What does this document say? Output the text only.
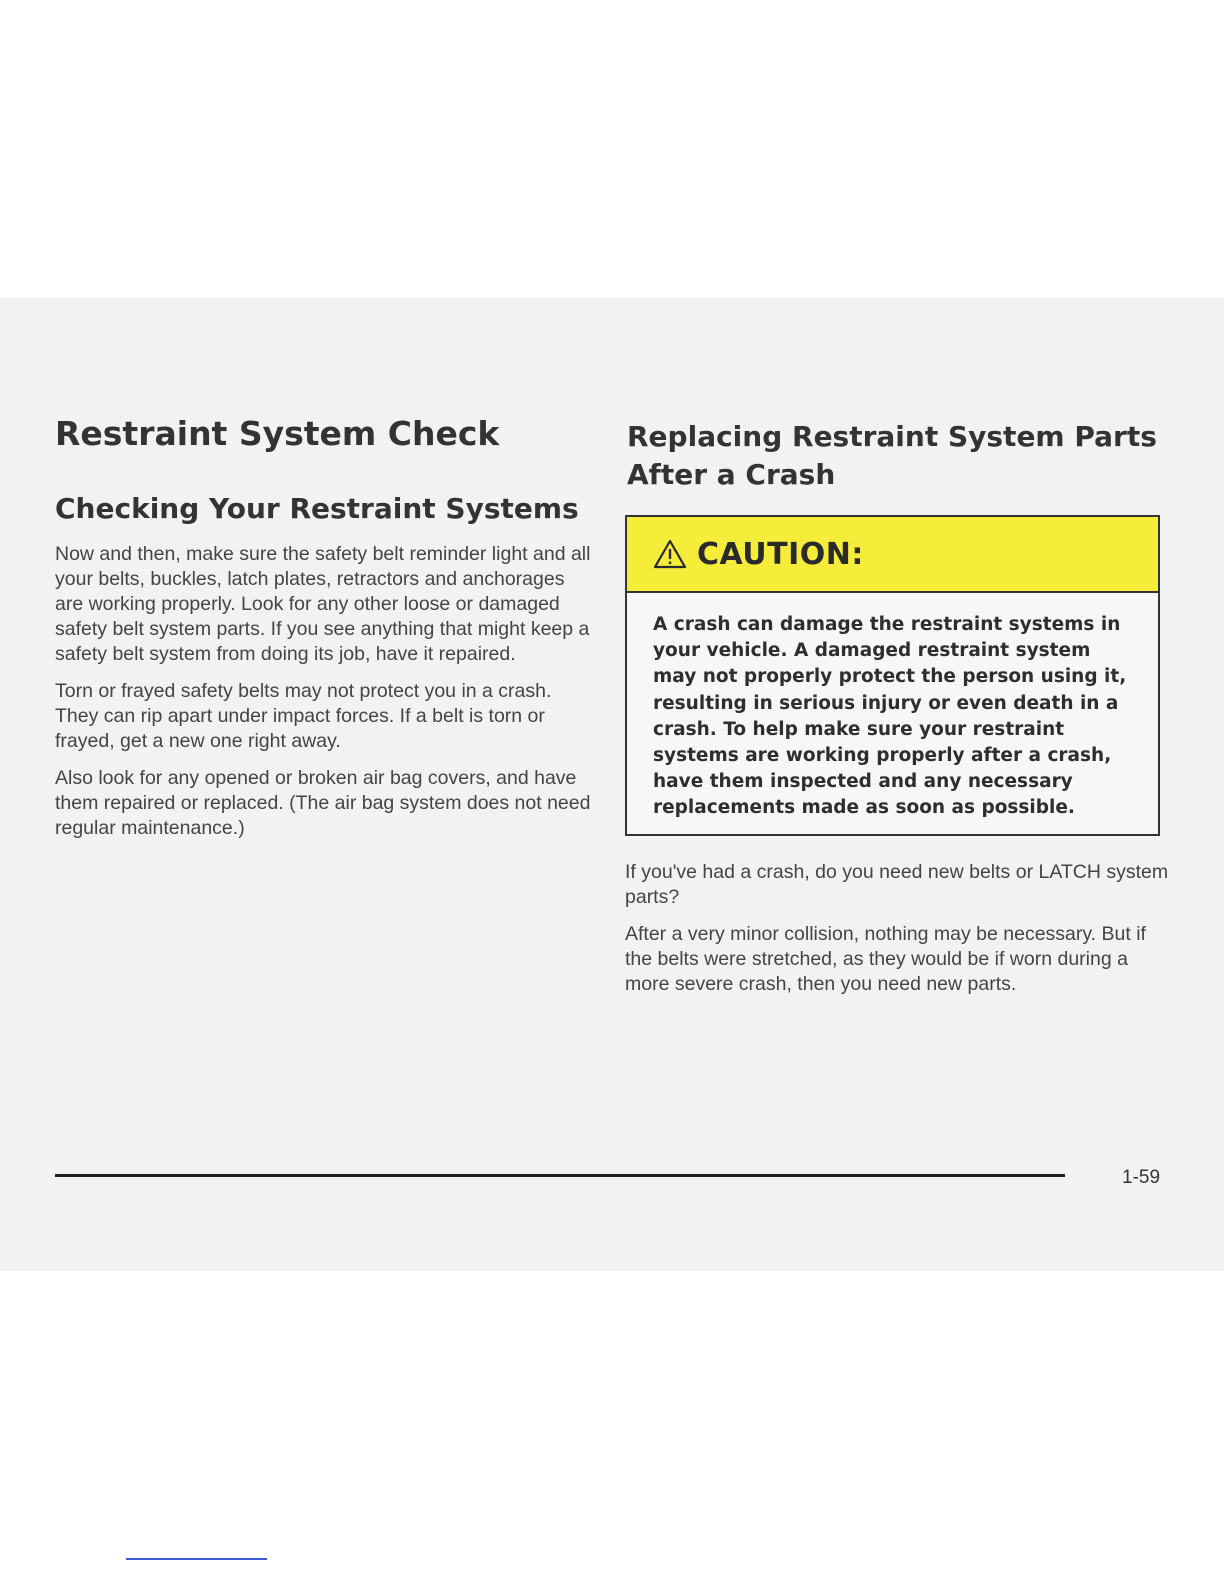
Restraint System Check
Checking Your Restraint Systems

Now and then, make sure the safety belt reminder light and all your belts, buckles, latch plates, retractors and anchorages are working properly. Look for any other loose or damaged safety belt system parts. If you see anything that might keep a safety belt system from doing its job, have it repaired.

Torn or frayed safety belts may not protect you in a crash. They can rip apart under impact forces. If a belt is torn or frayed, get a new one right away.

Also look for any opened or broken air bag covers, and have them repaired or replaced. (The air bag system does not need regular maintenance.)

Replacing Restraint System Parts After a Crash
CAUTION:
A crash can damage the restraint systems in your vehicle. A damaged restraint system may not properly protect the person using it, resulting in serious injury or even death in a crash. To help make sure your restraint systems are working properly after a crash, have them inspected and any necessary replacements made as soon as possible.

If you've had a crash, do you need new belts or LATCH system parts?

After a very minor collision, nothing may be necessary. But if the belts were stretched, as they would be if worn during a more severe crash, then you need new parts.

1-59
